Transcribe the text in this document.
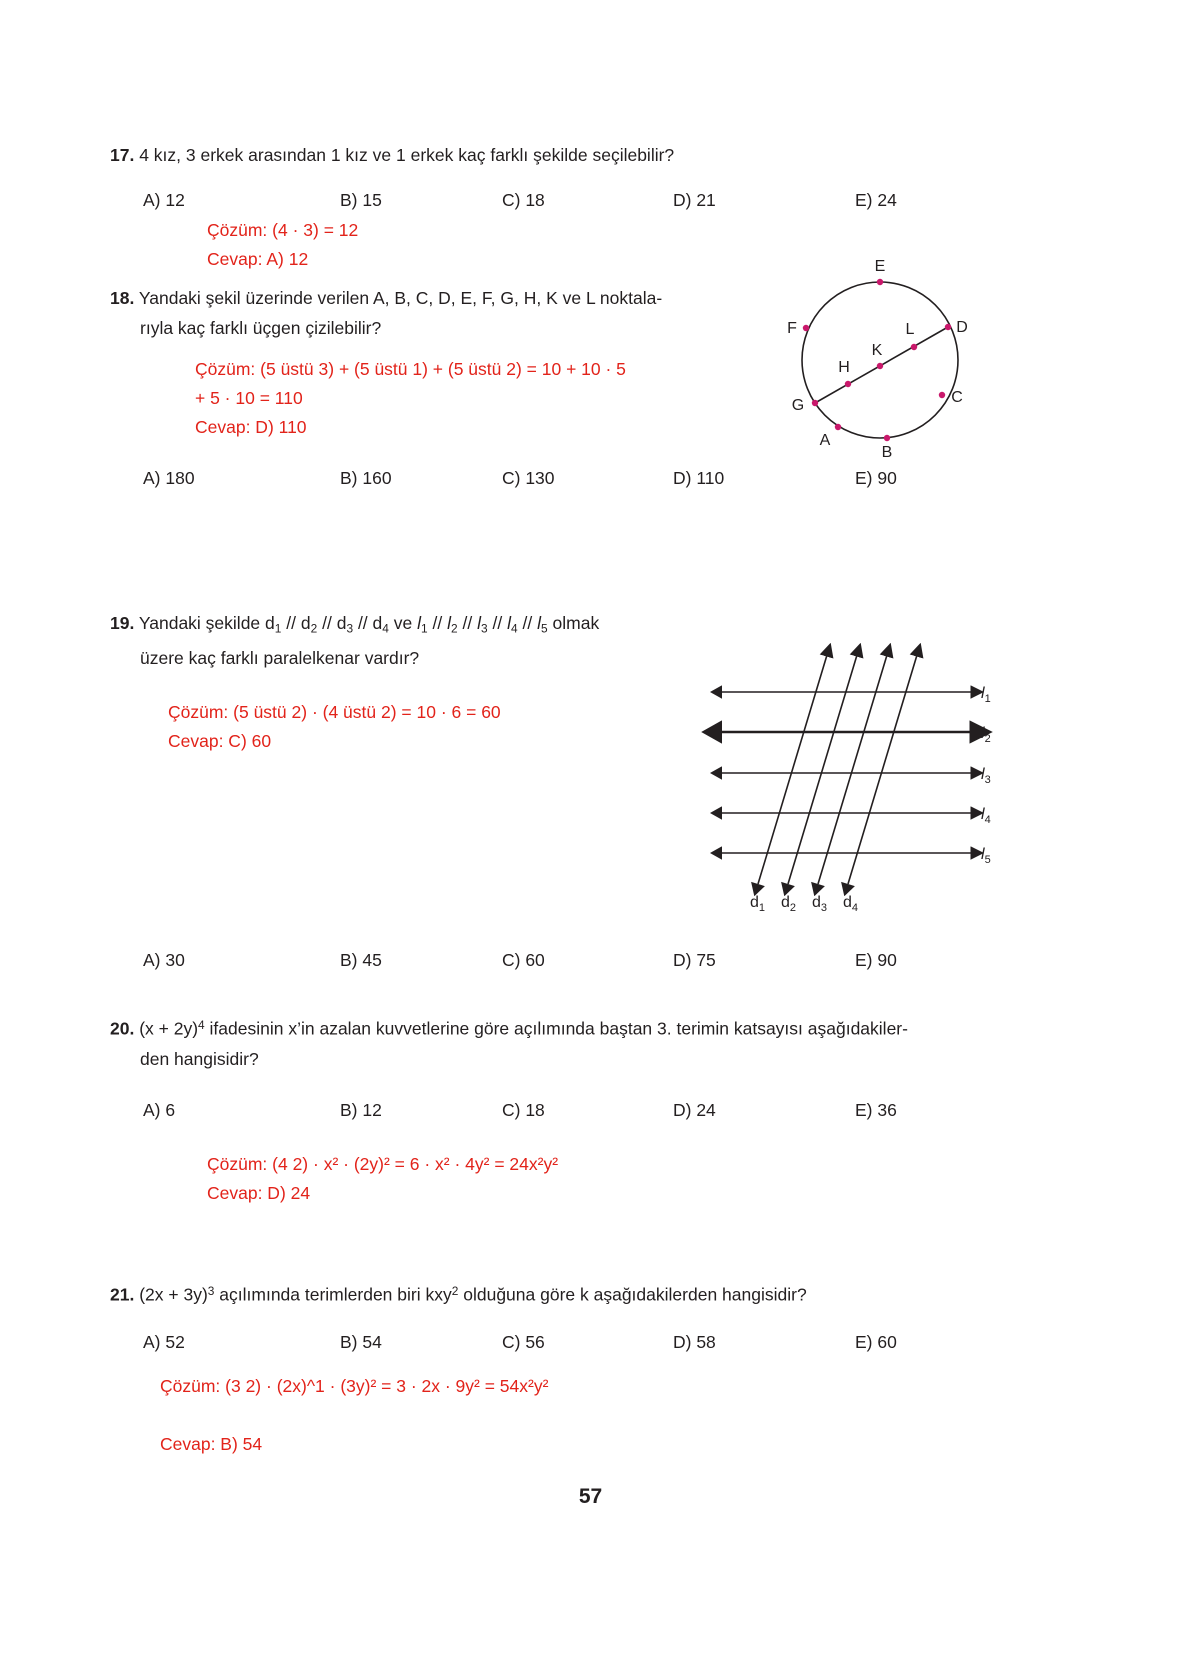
17. 4 kız, 3 erkek arasından 1 kız ve 1 erkek kaç farklı şekilde seçilebilir?
A) 12	B) 15	C) 18	D) 21	E) 24
Çözüm: (4 · 3) = 12
Cevap: A) 12
18. Yandaki şekil üzerinde verilen A, B, C, D, E, F, G, H, K ve L noktala-
rıyla kaç farklı üçgen çizilebilir?
Çözüm: (5 üstü 3) + (5 üstü 1) + (5 üstü 2) = 10 + 10 · 5
+ 5 · 10 = 110
Cevap: D) 110
E
F	L	D
H
K
G	C
A
B
A) 180	B) 160	C) 130	D) 110	E) 90
19. Yandaki şekilde $d_1 // d_2 // d_3 // d_4$ ve $l_1 // l_2 // l_3 // l_4 // l_5$ olmak
üzere kaç farklı paralelkenar vardır?
Çözüm: (5 üstü 2) · (4 üstü 2) = 10 · 6 = 60
Cevap: C) 60
$l_1$
$l_2$
$l_3$
$l_4$
$l_5$
$d_1$ $d_2$ $d_3$ $d_4$
A) 30	B) 45	C) 60	D) 75	E) 90
20. $(x + 2y)^4$ ifadesinin x’in azalan kuvvetlerine göre açılımında baştan 3. terimin katsayısı aşağıdakiler-
den hangisidir?
A) 6	B) 12	C) 18	D) 24	E) 36
Çözüm: (4 2) · x² · (2y)² = 6 · x² · 4y² = 24x²y²
Cevap: D) 24
21. $(2x + 3y)^3$ açılımında terimlerden biri kxy$^2$ olduğuna göre k aşağıdakilerden hangisidir?
A) 52	B) 54	C) 56	D) 58	E) 60
Çözüm: (3 2) · (2x)^1 · (3y)² = 3 · 2x · 9y² = 54x²y²
Cevap: B) 54
57
